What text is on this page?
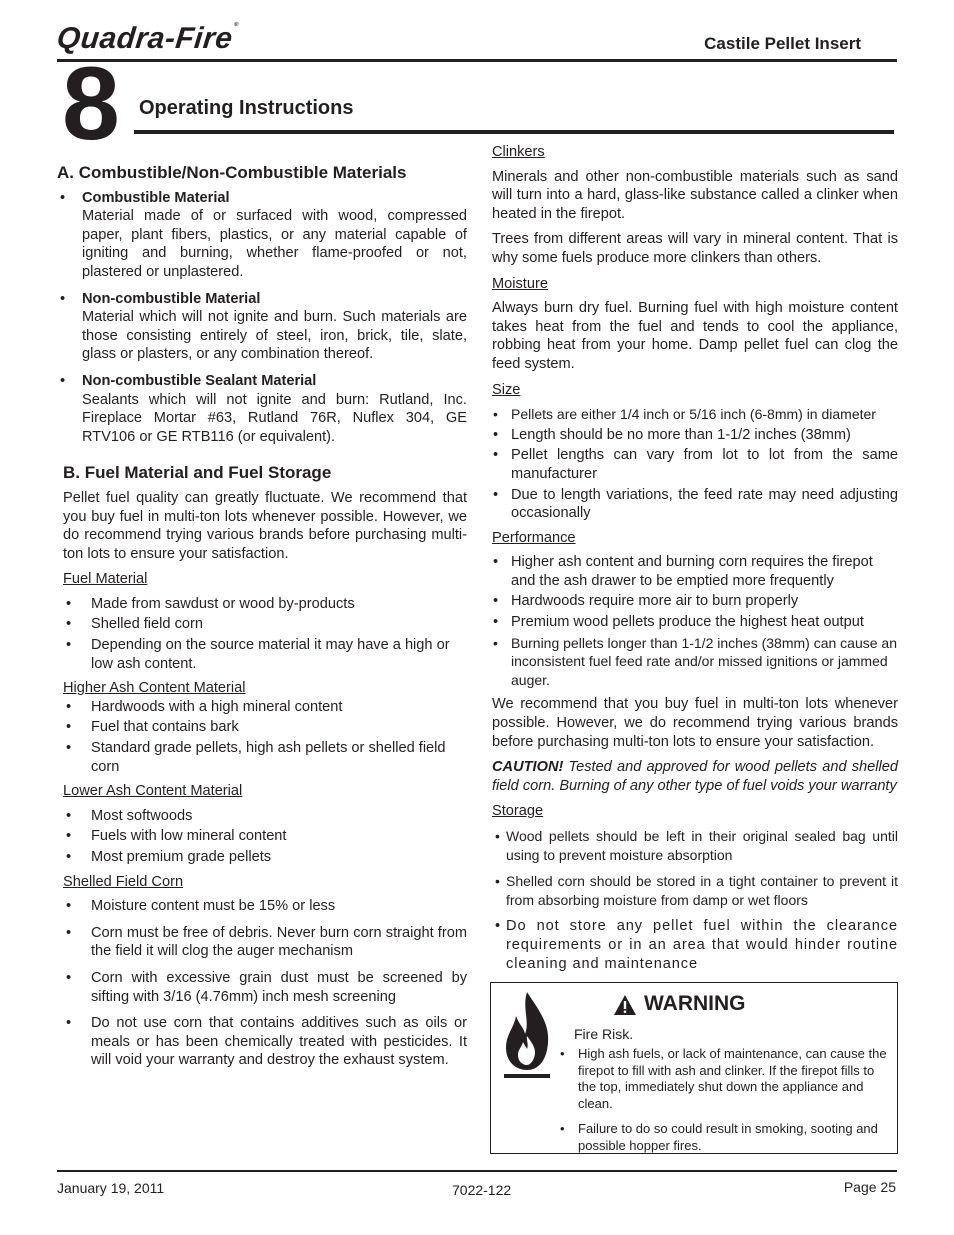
Quadra-Fire®
Castile Pellet Insert
8 Operating Instructions
A. Combustible/Non-Combustible Materials
• Combustible Material
Material made of or surfaced with wood, compressed paper, plant fibers, plastics, or any material capable of igniting and burning, whether flame-proofed or not, plastered or unplastered.
• Non-combustible Material
Material which will not ignite and burn. Such materials are those consisting entirely of steel, iron, brick, tile, slate, glass or plasters, or any combination thereof.
• Non-combustible Sealant Material
Sealants which will not ignite and burn: Rutland, Inc. Fireplace Mortar #63, Rutland 76R, Nuflex 304, GE RTV106 or GE RTB116 (or equivalent).
B. Fuel Material and Fuel Storage

Pellet fuel quality can greatly fluctuate. We recommend that you buy fuel in multi-ton lots whenever possible. However, we do recommend trying various brands before purchasing multi-ton lots to ensure your satisfaction.

Fuel Material
• Made from sawdust or wood by-products
• Shelled field corn
• Depending on the source material it may have a high or low ash content.
Higher Ash Content Material
• Hardwoods with a high mineral content
• Fuel that contains bark
• Standard grade pellets, high ash pellets or shelled field corn
Lower Ash Content Material
• Most softwoods
• Fuels with low mineral content
• Most premium grade pellets
Shelled Field Corn
• Moisture content must be 15% or less
• Corn must be free of debris. Never burn corn straight from the field it will clog the auger mechanism
• Corn with excessive grain dust must be screened by sifting with 3/16 (4.76mm) inch mesh screening
• Do not use corn that contains additives such as oils or meals or has been chemically treated with pesticides. It will void your warranty and destroy the exhaust system.
Clinkers

Minerals and other non-combustible materials such as sand will turn into a hard, glass-like substance called a clinker when heated in the firepot.

Trees from different areas will vary in mineral content. That is why some fuels produce more clinkers than others.

Moisture

Always burn dry fuel. Burning fuel with high moisture content takes heat from the fuel and tends to cool the appliance, robbing heat from your home. Damp pellet fuel can clog the feed system.

Size
• Pellets are either 1/4 inch or 5/16 inch (6-8mm) in diameter
• Length should be no more than 1-1/2 inches (38mm)
• Pellet lengths can vary from lot to lot from the same manufacturer
• Due to length variations, the feed rate may need adjusting occasionally
Performance
• Higher ash content and burning corn requires the firepot and the ash drawer to be emptied more frequently
• Hardwoods require more air to burn properly
• Premium wood pellets produce the highest heat output
• Burning pellets longer than 1-1/2 inches (38mm) can cause an inconsistent fuel feed rate and/or missed ignitions or jammed auger.

We recommend that you buy fuel in multi-ton lots whenever possible. However, we do recommend trying various brands before purchasing multi-ton lots to ensure your satisfaction.

CAUTION! Tested and approved for wood pellets and shelled field corn. Burning of any other type of fuel voids your warranty
Storage
• Wood pellets should be left in their original sealed bag until using to prevent moisture absorption
• Shelled corn should be stored in a tight container to prevent it from absorbing moisture from damp or wet floors
• Do not store any pellet fuel within the clearance requirements or in an area that would hinder routine cleaning and maintenance
WARNING
Fire Risk.
• High ash fuels, or lack of maintenance, can cause the firepot to fill with ash and clinker. If the firepot fills to the top, immediately shut down the appliance and clean.
• Failure to do so could result in smoking, sooting and possible hopper fires.
January 19, 2011	7022-122	Page 25
